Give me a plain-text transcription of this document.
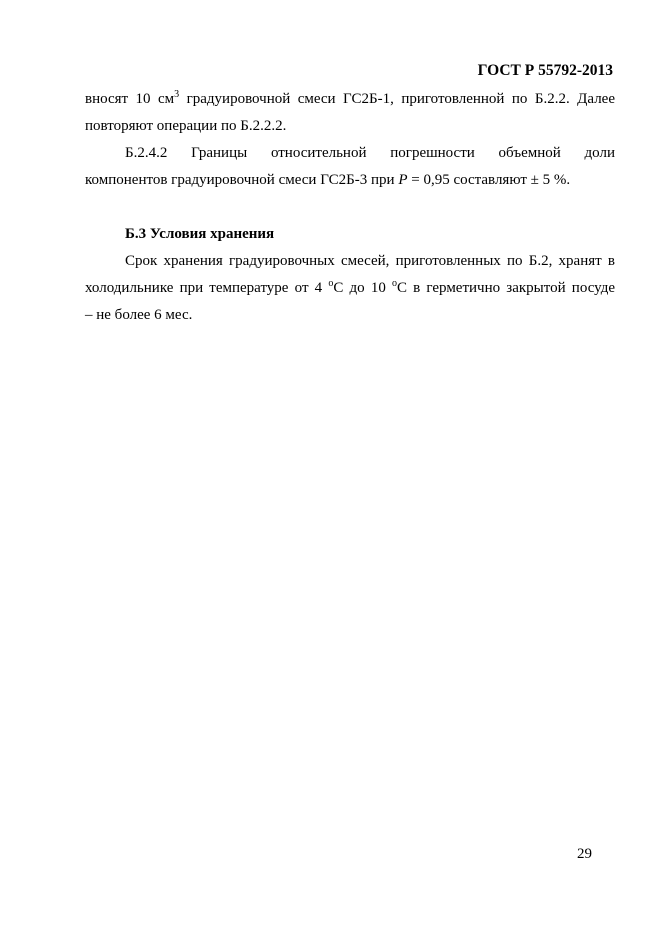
ГОСТ Р 55792-2013
вносят 10 $см^3$ градуировочной смеси ГС2Б-1, приготовленной по Б.2.2. Далее
повторяют операции по Б.2.2.2.
Б.2.4.2 Границы относительной погрешности объемной доли
компонентов градуировочной смеси ГС2Б-3 при P = 0,95 составляют ± 5 %.
Б.3 Условия хранения
Срок хранения градуировочных смесей, приготовленных по Б.2, хранят в
холодильнике при температуре от 4 $^о$С до 10 $^о$С в герметично закрытой посуде
– не более 6 мес.
29
